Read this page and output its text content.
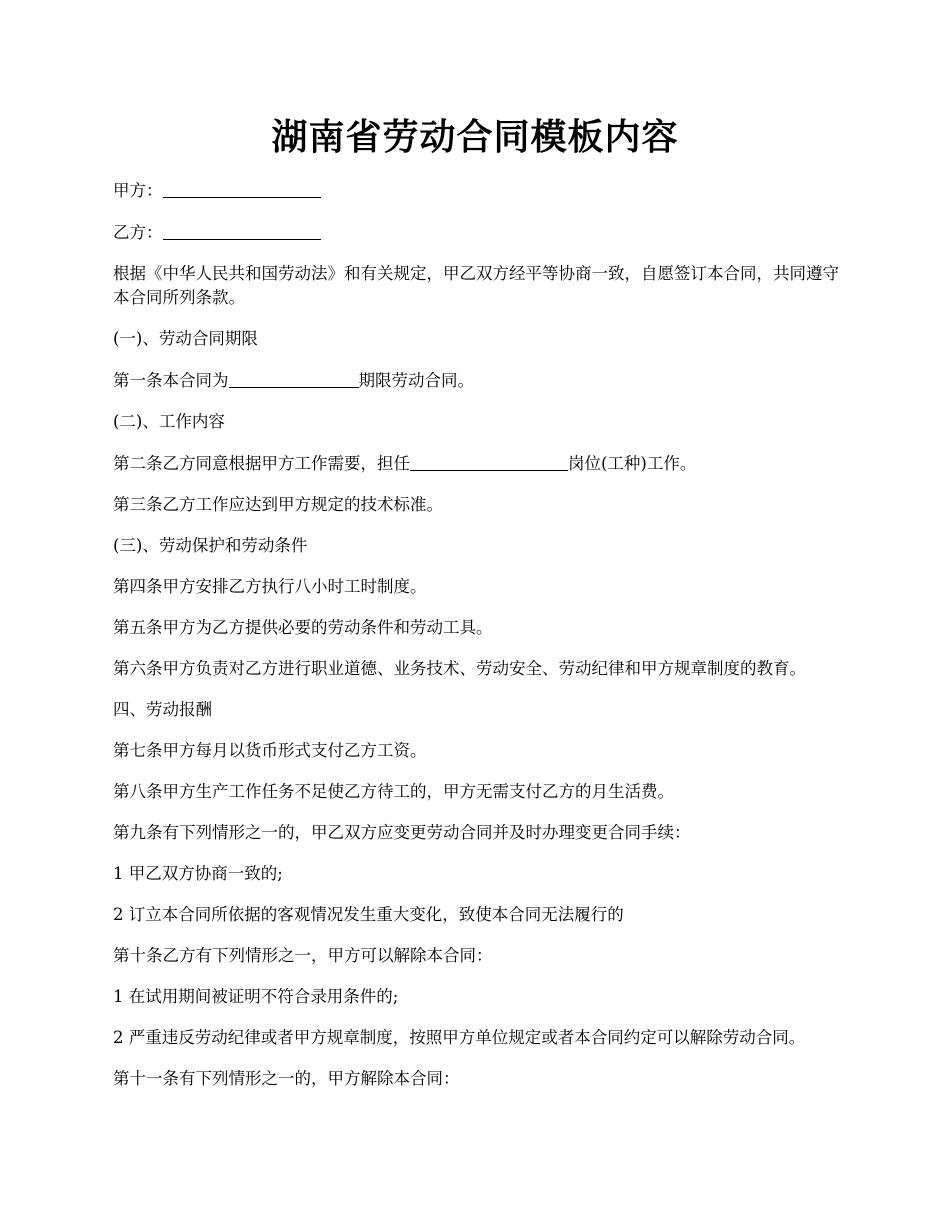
湖南省劳动合同模板内容

甲方：

乙方：

根据《中华人民共和国劳动法》和有关规定，甲乙双方经平等协商一致，自愿签订本合同，共同遵守本合同所列条款。

(一)、劳动合同期限

第一条本合同为	期限劳动合同。

(二)、工作内容

第二条乙方同意根据甲方工作需要，担任	岗位(工种)工作。

第三条乙方工作应达到甲方规定的技术标准。

(三)、劳动保护和劳动条件

第四条甲方安排乙方执行八小时工时制度。

第五条甲方为乙方提供必要的劳动条件和劳动工具。

第六条甲方负责对乙方进行职业道德、业务技术、劳动安全、劳动纪律和甲方规章制度的教育。

四、劳动报酬

第七条甲方每月以货币形式支付乙方工资。

第八条甲方生产工作任务不足使乙方待工的，甲方无需支付乙方的月生活费。

第九条有下列情形之一的，甲乙双方应变更劳动合同并及时办理变更合同手续：

1 甲乙双方协商一致的;

2 订立本合同所依据的客观情况发生重大变化，致使本合同无法履行的

第十条乙方有下列情形之一，甲方可以解除本合同：

1 在试用期间被证明不符合录用条件的;

2 严重违反劳动纪律或者甲方规章制度，按照甲方单位规定或者本合同约定可以解除劳动合同。

第十一条有下列情形之一的，甲方解除本合同：
